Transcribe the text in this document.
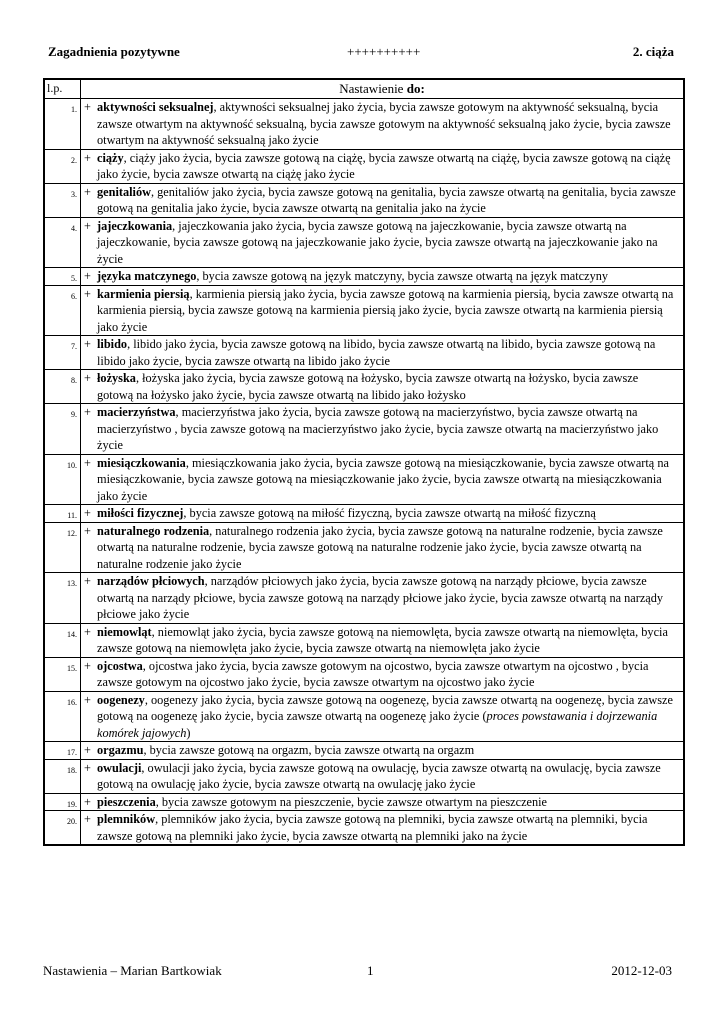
Zagadnienia pozytywne	++++++++++	2. ciąża
l.p.	Nastawienie do:
1.	+ aktywności seksualnej, aktywności seksualnej jako życia, bycia zawsze gotowym na aktywność seksualną, bycia zawsze otwartym na aktywność seksualną, bycia zawsze gotowym na aktywność seksualną jako życie, bycia zawsze otwartym na aktywność seksualną jako życie
2.	+ ciąży, ciąży jako życia, bycia zawsze gotową na ciążę, bycia zawsze otwartą na ciążę, bycia zawsze gotową na ciążę jako życie, bycia zawsze otwartą na ciążę jako życie
3.	+ genitaliów, genitaliów jako życia, bycia zawsze gotową na genitalia, bycia zawsze otwartą na genitalia, bycia zawsze gotową na genitalia jako życie, bycia zawsze otwartą na genitalia jako na życie
4.	+ jajeczkowania, jajeczkowania jako życia, bycia zawsze gotową na jajeczkowanie, bycia zawsze otwartą na jajeczkowanie, bycia zawsze gotową na jajeczkowanie jako życie, bycia zawsze otwartą na jajeczkowanie jako na życie
5.	+ języka matczynego, bycia zawsze gotową na język matczyny, bycia zawsze otwartą na język matczyny
6.	+ karmienia piersią, karmienia piersią jako życia, bycia zawsze gotową na karmienia piersią, bycia zawsze otwartą na karmienia piersią, bycia zawsze gotową na karmienia piersią jako życie, bycia zawsze otwartą na karmienia piersią jako życie
7.	+ libido, libido jako życia, bycia zawsze gotową na libido, bycia zawsze otwartą na libido, bycia zawsze gotową na libido jako życie, bycia zawsze otwartą na libido jako życie
8.	+ łożyska, łożyska jako życia, bycia zawsze gotową na łożysko, bycia zawsze otwartą na łożysko, bycia zawsze gotową na łożysko jako życie, bycia zawsze otwartą na libido jako łożysko
9.	+ macierzyństwa, macierzyństwa jako życia, bycia zawsze gotową na macierzyństwo, bycia zawsze otwartą na macierzyństwo , bycia zawsze gotową na macierzyństwo jako życie, bycia zawsze otwartą na macierzyństwo jako życie
10.	+ miesiączkowania, miesiączkowania jako życia, bycia zawsze gotową na miesiączkowanie, bycia zawsze otwartą na miesiączkowanie, bycia zawsze gotową na miesiączkowanie jako życie, bycia zawsze otwartą na miesiączkowania jako życie
11.	+ miłości fizycznej, bycia zawsze gotową na miłość fizyczną, bycia zawsze otwartą na miłość fizyczną
12.	+ naturalnego rodzenia, naturalnego rodzenia jako życia, bycia zawsze gotową na naturalne rodzenie, bycia zawsze otwartą na naturalne rodzenie, bycia zawsze gotową na naturalne rodzenie jako życie, bycia zawsze otwartą na naturalne rodzenie jako życie
13.	+ narządów płciowych, narządów płciowych jako życia, bycia zawsze gotową na narządy płciowe, bycia zawsze otwartą na narządy płciowe, bycia zawsze gotową na narządy płciowe jako życie, bycia zawsze otwartą na narządy płciowe jako życie
14.	+ niemowląt, niemowląt jako życia, bycia zawsze gotową na niemowlęta, bycia zawsze otwartą na niemowlęta, bycia zawsze gotową na niemowlęta jako życie, bycia zawsze otwartą na niemowlęta jako życie
15.	+ ojcostwa, ojcostwa jako życia, bycia zawsze gotowym na ojcostwo, bycia zawsze otwartym na ojcostwo , bycia zawsze gotowym na ojcostwo jako życie, bycia zawsze otwartym na ojcostwo jako życie
16.	+ oogenezy, oogenezy jako życia, bycia zawsze gotową na oogenezę, bycia zawsze otwartą na oogenezę, bycia zawsze gotową na oogenezę jako życie, bycia zawsze otwartą na oogenezę jako życie (proces powstawania i dojrzewania komórek jajowych)
17.	+ orgazmu, bycia zawsze gotową na orgazm, bycia zawsze otwartą na orgazm
18.	+ owulacji, owulacji jako życia, bycia zawsze gotową na owulację, bycia zawsze otwartą na owulację, bycia zawsze gotową na owulację jako życie, bycia zawsze otwartą na owulację jako życie
19.	+ pieszczenia, bycia zawsze gotowym na pieszczenie, bycie zawsze otwartym na pieszczenie
20.	+ plemników, plemników jako życia, bycia zawsze gotową na plemniki, bycia zawsze otwartą na plemniki, bycia zawsze gotową na plemniki jako życie, bycia zawsze otwartą na plemniki jako na życie
Nastawienia – Marian Bartkowiak	1	2012-12-03
